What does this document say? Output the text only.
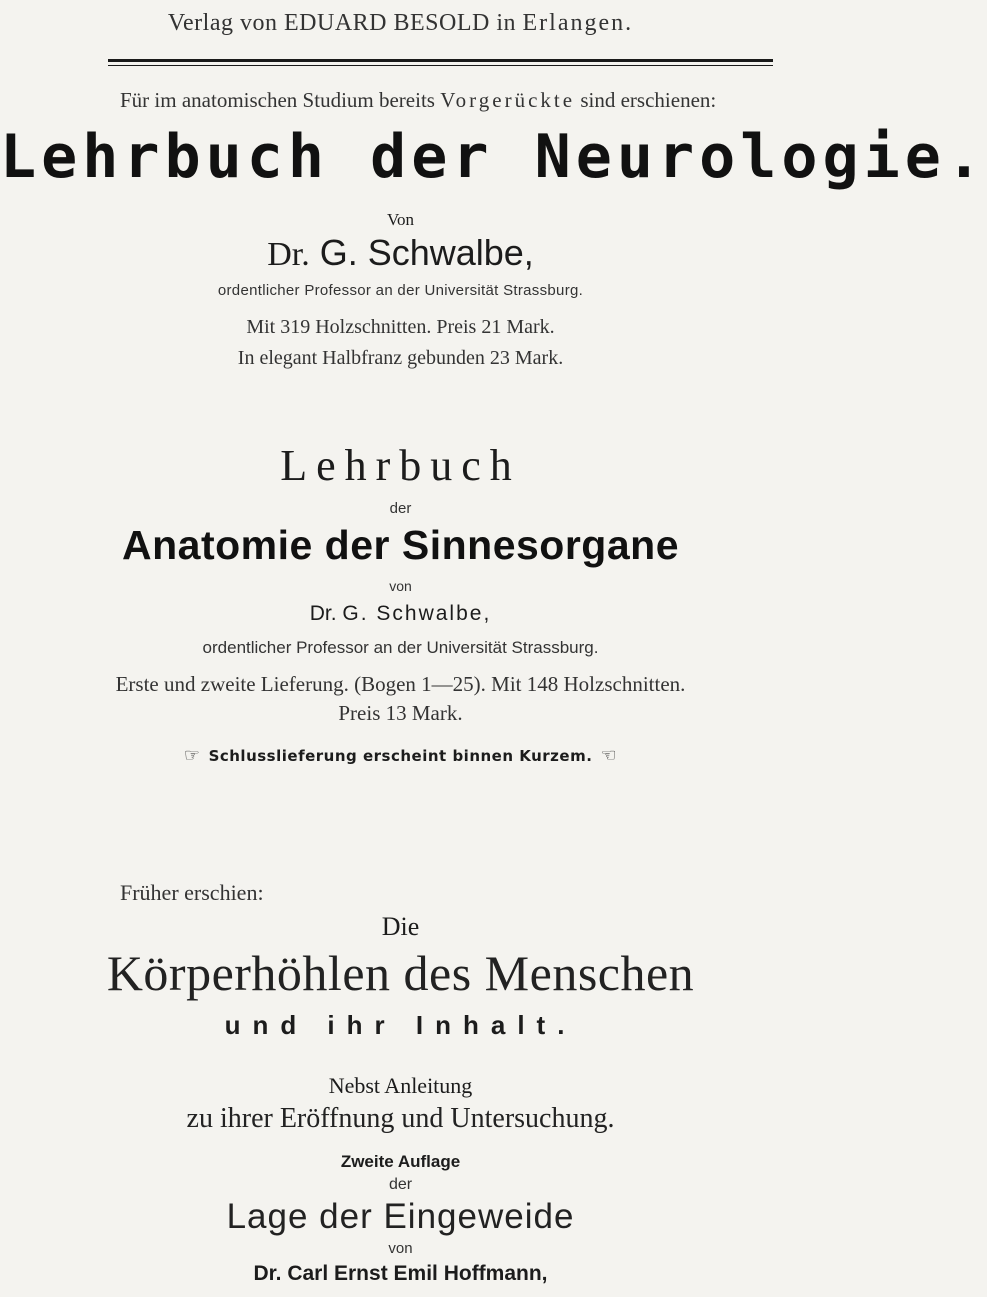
Verlag von EDUARD BESOLD in Erlangen.
Für im anatomischen Studium bereits Vorgerückte sind erschienen:
Lehrbuch der Neurologie.
Von
Dr. G. Schwalbe,
ordentlicher Professor an der Universität Strassburg.
Mit 319 Holzschnitten. Preis 21 Mark.
In elegant Halbfranz gebunden 23 Mark.
Lehrbuch
der
Anatomie der Sinnesorgane
von
Dr. G. Schwalbe,
ordentlicher Professor an der Universität Strassburg.
Erste und zweite Lieferung. (Bogen 1—25). Mit 148 Holzschnitten.
Preis 13 Mark.
☞ Schlusslieferung erscheint binnen Kurzem. ☜
Früher erschien:
Die
Körperhöhlen des Menschen
und ihr Inhalt.
Nebst Anleitung
zu ihrer Eröffnung und Untersuchung.
Zweite Auflage
der
Lage der Eingeweide
von
Dr. Carl Ernst Emil Hoffmann,
